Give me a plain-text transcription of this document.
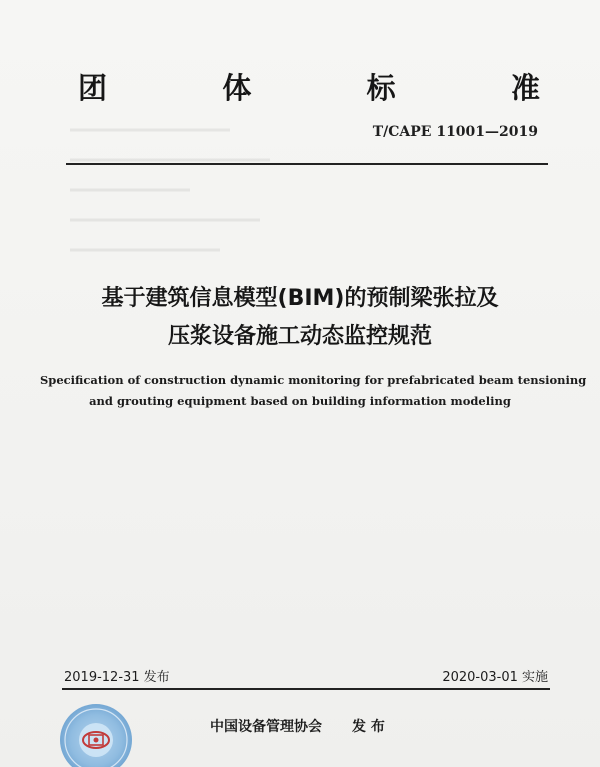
团	体	标	准
T/CAPE 11001—2019
基于建筑信息模型(BIM)的预制梁张拉及
压浆设备施工动态监控规范
Specification of construction dynamic monitoring for prefabricated beam tensioning
and grouting equipment based on building information modeling
2019-12-31 发布	2020-03-01 实施
中国设备管理协会 发 布
